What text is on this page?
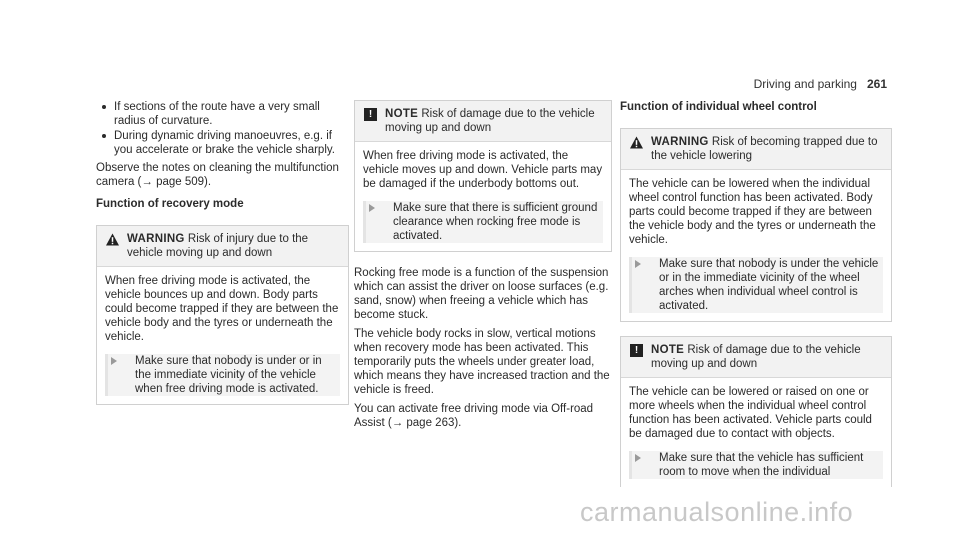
Driving and parking 261
If sections of the route have a very small radius of curvature.
During dynamic driving manoeuvres, e.g. if you accelerate or brake the vehicle sharply.

Observe the notes on cleaning the multifunction camera (→ page 509).

Function of recovery mode
WARNING Risk of injury due to the vehicle moving up and down

When free driving mode is activated, the vehicle bounces up and down. Body parts could become trapped if they are between the vehicle body and the tyres or underneath the vehicle.

Make sure that nobody is under or in the immediate vicinity of the vehicle when free driving mode is activated.
!	NOTE Risk of damage due to the vehicle moving up and down

When free driving mode is activated, the vehicle moves up and down. Vehicle parts may be damaged if the underbody bottoms out.

Make sure that there is sufficient ground clearance when rocking free mode is activated.

Rocking free mode is a function of the suspension which can assist the driver on loose surfaces (e.g. sand, snow) when freeing a vehicle which has become stuck.

The vehicle body rocks in slow, vertical motions when recovery mode has been activated. This temporarily puts the wheels under greater load, which means they have increased traction and the vehicle is freed.

You can activate free driving mode via Off-road Assist (→ page 263).

Function of individual wheel control
WARNING Risk of becoming trapped due to the vehicle lowering

The vehicle can be lowered when the individual wheel control function has been activated. Body parts could become trapped if they are between the vehicle body and the tyres or underneath the vehicle.

Make sure that nobody is under the vehicle or in the immediate vicinity of the wheel arches when individual wheel control is activated.
!	NOTE Risk of damage due to the vehicle moving up and down

The vehicle can be lowered or raised on one or more wheels when the individual wheel control function has been activated. Vehicle parts could be damaged due to contact with objects.

Make sure that the vehicle has sufficient room to move when the individual
carmanualsonline.info
